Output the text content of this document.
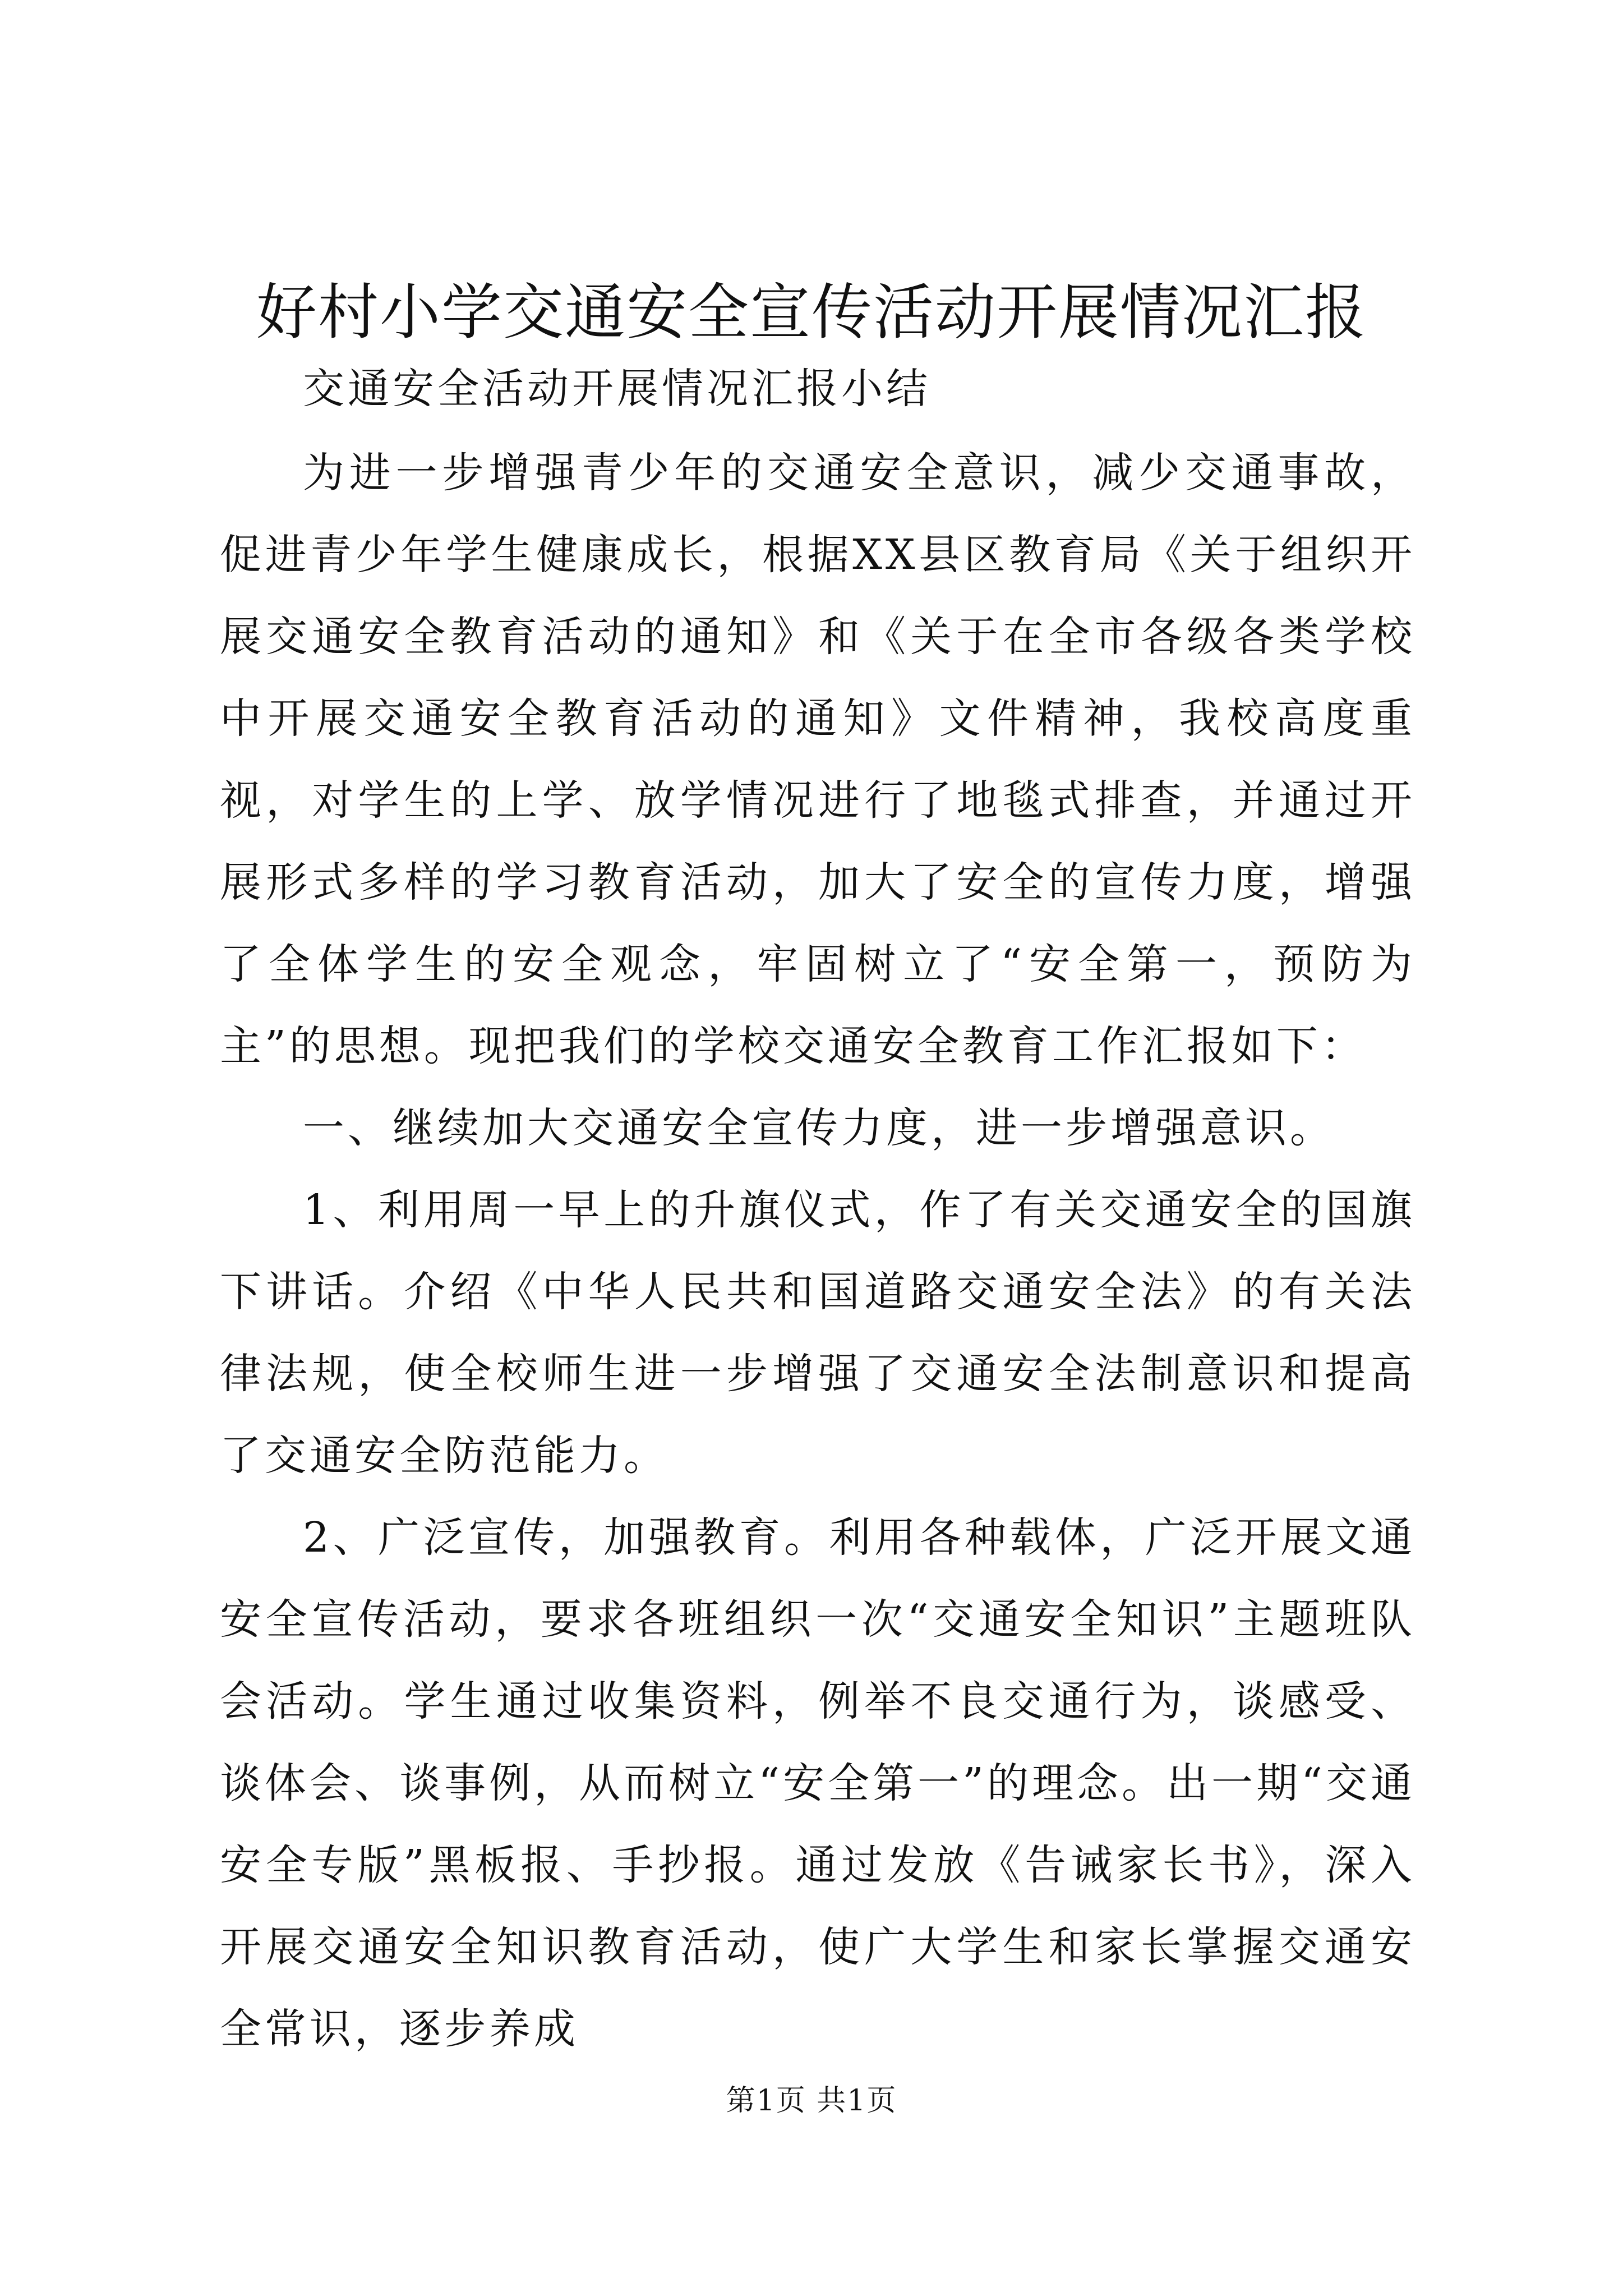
好村小学交通安全宣传活动开展情况汇报

交通安全活动开展情况汇报小结

为进一步增强青少年的交通安全意识，减少交通事故，促进青少年学生健康成长，根据XX县区教育局《关于组织开展交通安全教育活动的通知》和《关于在全市各级各类学校中开展交通安全教育活动的通知》文件精神，我校高度重视，对学生的上学、放学情况进行了地毯式排查，并通过开展形式多样的学习教育活动，加大了安全的宣传力度，增强了全体学生的安全观念，牢固树立了“安全第一，预防为主”的思想。现把我们的学校交通安全教育工作汇报如下：

一、继续加大交通安全宣传力度，进一步增强意识。

1、利用周一早上的升旗仪式，作了有关交通安全的国旗下讲话。介绍《中华人民共和国道路交通安全法》的有关法律法规，使全校师生进一步增强了交通安全法制意识和提高了交通安全防范能力。

2、广泛宣传，加强教育。利用各种载体，广泛开展文通安全宣传活动，要求各班组织一次“交通安全知识”主题班队会活动。学生通过收集资料，例举不良交通行为，谈感受、谈体会、谈事例，从而树立“安全第一”的理念。出一期“交通安全专版”黑板报、手抄报。通过发放《告诫家长书》，深入开展交通安全知识教育活动，使广大学生和家长掌握交通安全常识，逐步养成

第1页 共1页
